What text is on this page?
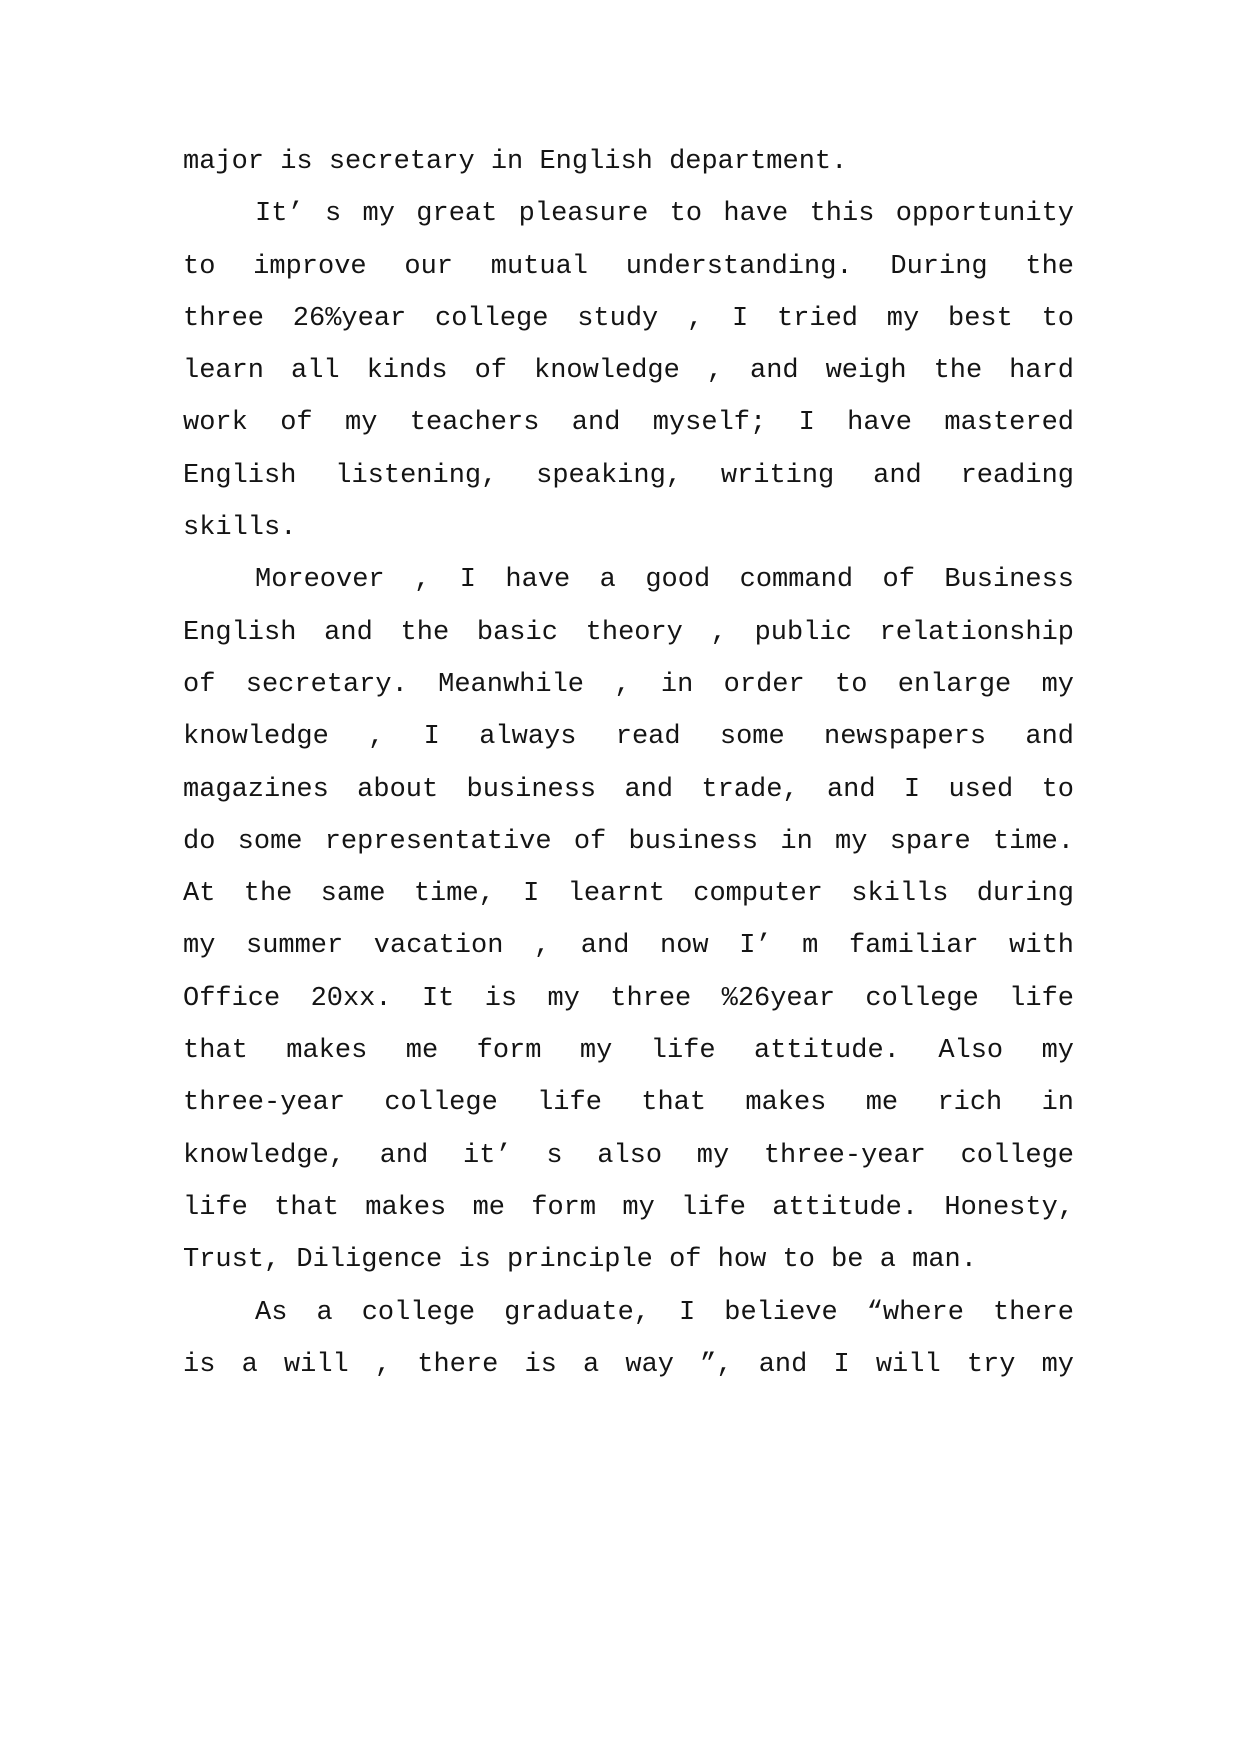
major is secretary in English department.
It’ s my great pleasure to have this opportunity
to improve our mutual understanding. During the
three 26%year college study , I tried my best to
learn all kinds of knowledge , and weigh the hard
work of my teachers and myself; I have mastered
English listening, speaking, writing and reading
skills.
Moreover , I have a good command of Business
English and the basic theory , public relationship
of secretary. Meanwhile , in order to enlarge my
knowledge , I always read some newspapers and
magazines about business and trade, and I used to
do some representative of business in my spare time.
At the same time, I learnt computer skills during
my summer vacation , and now I’ m familiar with
Office 20xx. It is my three %26year college life
that makes me form my life attitude. Also my
three-year college life that makes me rich in
knowledge, and it’ s also my three-year college
life that makes me form my life attitude. Honesty,
Trust, Diligence is principle of how to be a man.
As a college graduate, I believe “where there
is a will , there is a way ”, and I will try my
